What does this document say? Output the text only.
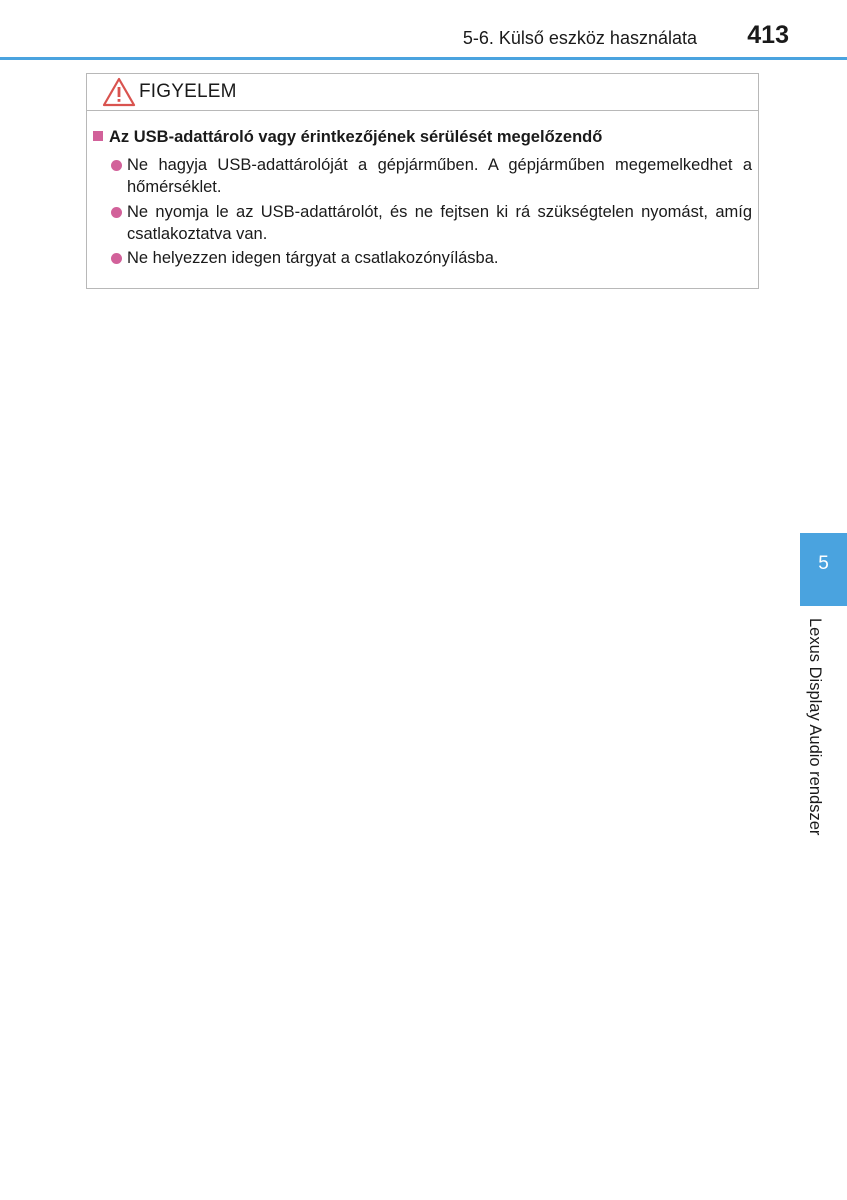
5-6. Külső eszköz használata 413
FIGYELEM
Az USB-adattároló vagy érintkezőjének sérülését megelőzendő
Ne hagyja USB-adattárolóját a gépjárműben. A gépjárműben megemelkedhet a hőmérséklet.
Ne nyomja le az USB-adattárolót, és ne fejtsen ki rá szükségtelen nyomást, amíg csatlakoztatva van.
Ne helyezzen idegen tárgyat a csatlakozónyílásba.
5
Lexus Display Audio rendszer
